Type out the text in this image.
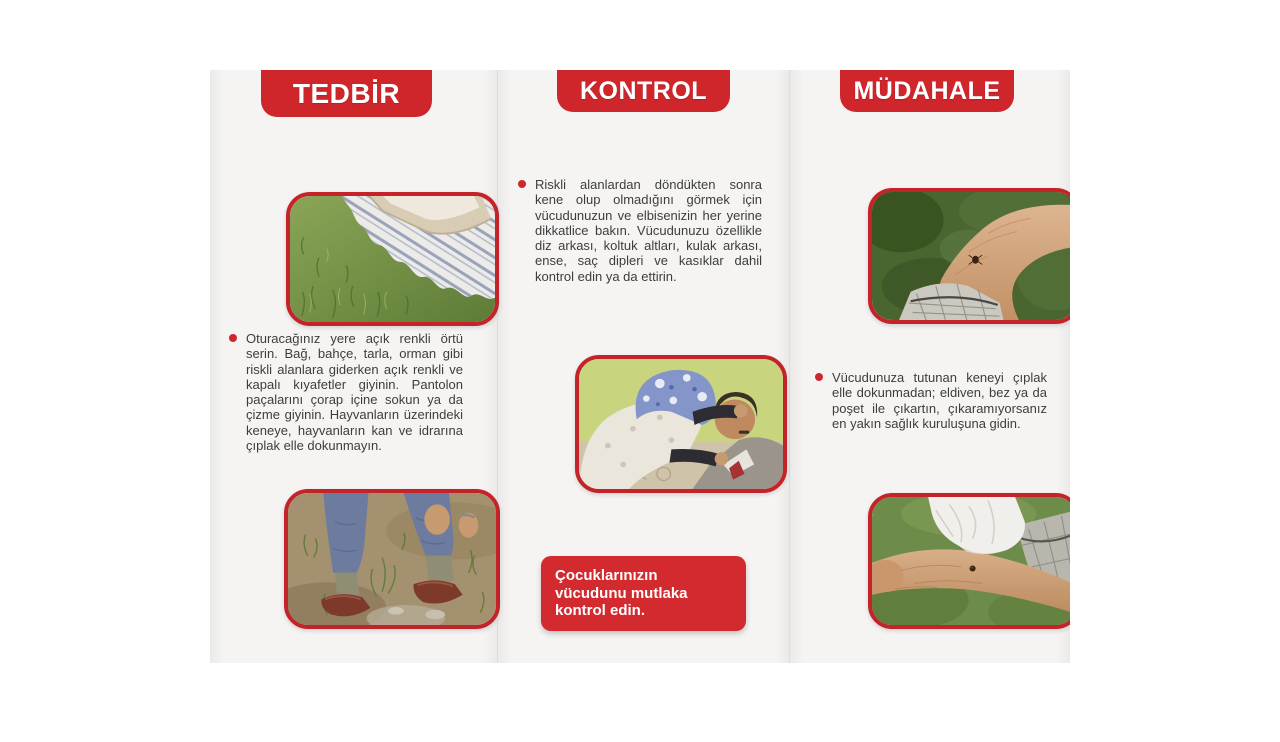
TEDBİR

Oturacağınız yere açık renkli örtü serin. Bağ, bahçe, tarla, orman gibi riskli alanlara giderken açık renkli ve kapalı kıyafetler giyinin. Pantolon paçalarını çorap içine sokun ya da çizme giyinin. Hayvanların üzerindeki keneye, hayvanların kan ve idrarına çıplak elle dokunmayın.

KONTROL

Riskli alanlardan döndükten sonra kene olup olmadığını görmek için vücudunuzun ve elbisenizin her yerine dikkatlice bakın. Vücudunuzu özellikle diz arkası, koltuk altları, kulak arkası, ense, saç dipleri ve kasıklar dahil kontrol edin ya da ettirin.

Çocuklarınızın vücudunu mutlaka kontrol edin.
MÜDAHALE

Vücudunuza tutunan keneyi çıplak elle dokunmadan; eldiven, bez ya da poşet ile çıkartın, çıkaramıyorsanız en yakın sağlık kuruluşuna gidin.
